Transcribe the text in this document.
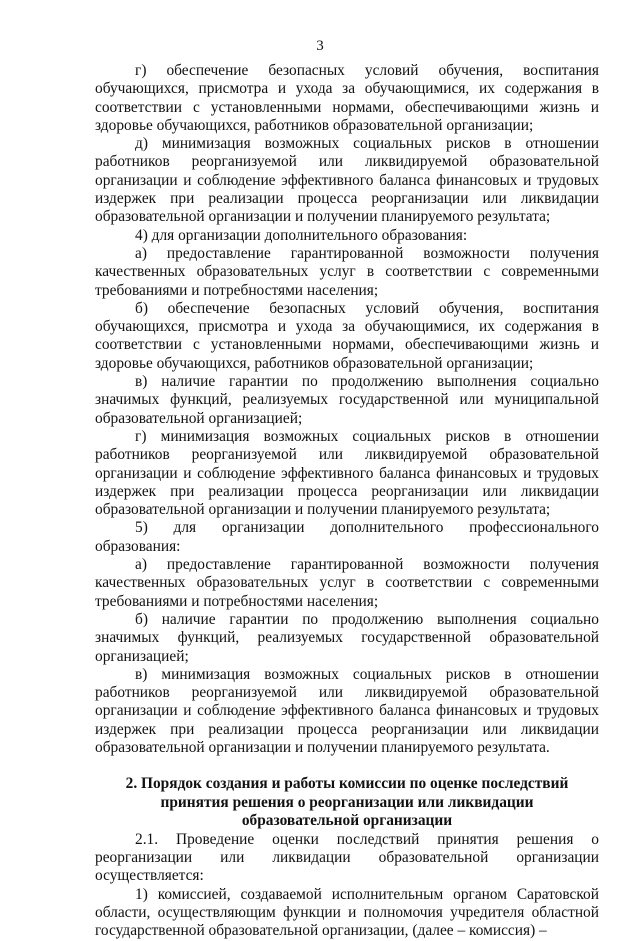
3

г) обеспечение безопасных условий обучения, воспитания обучающихся, присмотра и ухода за обучающимися, их содержания в соответствии с установленными нормами, обеспечивающими жизнь и здоровье обучающихся, работников образовательной организации;

д) минимизация возможных социальных рисков в отношении работников реорганизуемой или ликвидируемой образовательной организации и соблюдение эффективного баланса финансовых и трудовых издержек при реализации процесса реорганизации или ликвидации образовательной организации и получении планируемого результата;

4) для организации дополнительного образования:

а) предоставление гарантированной возможности получения качественных образовательных услуг в соответствии с современными требованиями и потребностями населения;

б) обеспечение безопасных условий обучения, воспитания обучающихся, присмотра и ухода за обучающимися, их содержания в соответствии с установленными нормами, обеспечивающими жизнь и здоровье обучающихся, работников образовательной организации;

в) наличие гарантии по продолжению выполнения социально значимых функций, реализуемых государственной или муниципальной образовательной организацией;

г) минимизация возможных социальных рисков в отношении работников реорганизуемой или ликвидируемой образовательной организации и соблюдение эффективного баланса финансовых и трудовых издержек при реализации процесса реорганизации или ликвидации образовательной организации и получении планируемого результата;

5) для организации дополнительного профессионального образования:

а) предоставление гарантированной возможности получения качественных образовательных услуг в соответствии с современными требованиями и потребностями населения;

б) наличие гарантии по продолжению выполнения социально значимых функций, реализуемых государственной образовательной организацией;

в) минимизация возможных социальных рисков в отношении работников реорганизуемой или ликвидируемой образовательной организации и соблюдение эффективного баланса финансовых и трудовых издержек при реализации процесса реорганизации или ликвидации образовательной организации и получении планируемого результата.

2. Порядок создания и работы комиссии по оценке последствий
принятия решения о реорганизации или ликвидации
образовательной организации

2.1. Проведение оценки последствий принятия решения о реорганизации или ликвидации образовательной организации осуществляется:

1) комиссией, создаваемой исполнительным органом Саратовской области, осуществляющим функции и полномочия учредителя областной государственной образовательной организации, (далее – комиссия) –
